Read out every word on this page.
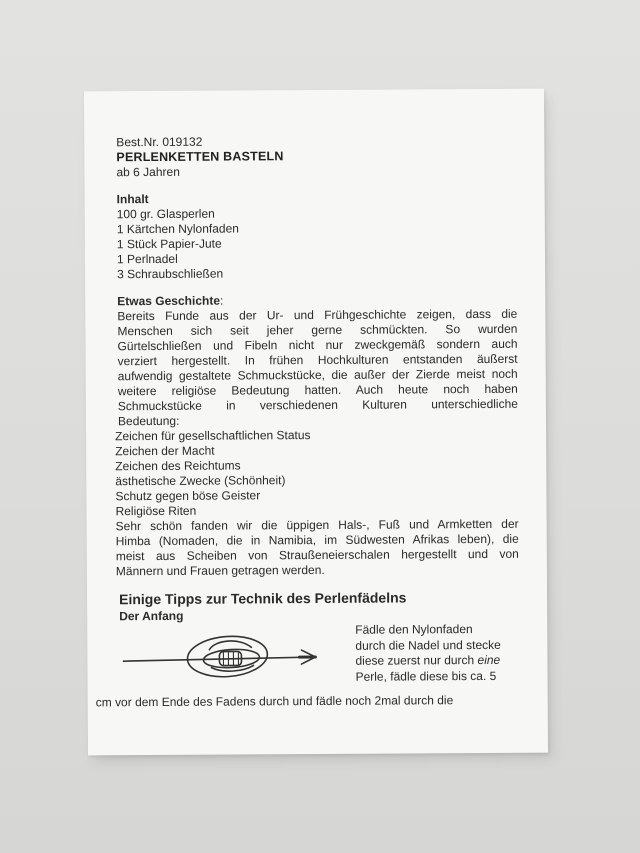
Best.Nr. 019132
PERLENKETTEN BASTELN
ab 6 Jahren
Inhalt
100 gr. Glasperlen
1 Kärtchen Nylonfaden
1 Stück Papier-Jute
1 Perlnadel
3 Schraubschließen
Etwas Geschichte:
Bereits Funde aus der Ur- und Frühgeschichte zeigen, dass die
Menschen sich seit jeher gerne schmückten. So wurden
Gürtelschließen und Fibeln nicht nur zweckgemäß sondern auch
verziert hergestellt. In frühen Hochkulturen entstanden äußerst
aufwendig gestaltete Schmuckstücke, die außer der Zierde meist noch
weitere religiöse Bedeutung hatten. Auch heute noch haben
Schmuckstücke in verschiedenen Kulturen unterschiedliche
Bedeutung:
Zeichen für gesellschaftlichen Status
Zeichen der Macht
Zeichen des Reichtums
ästhetische Zwecke (Schönheit)
Schutz gegen böse Geister
Religiöse Riten
Sehr schön fanden wir die üppigen Hals-, Fuß und Armketten der
Himba (Nomaden, die in Namibia, im Südwesten Afrikas leben), die
meist aus Scheiben von Straußeneierschalen hergestellt und von
Männern und Frauen getragen werden.
Einige Tipps zur Technik des Perlenfädelns
Der Anfang
Fädle den Nylonfaden
durch die Nadel und stecke
diese zuerst nur durch eine
Perle, fädle diese bis ca. 5
cm vor dem Ende des Fadens durch und fädle noch 2mal durch die
